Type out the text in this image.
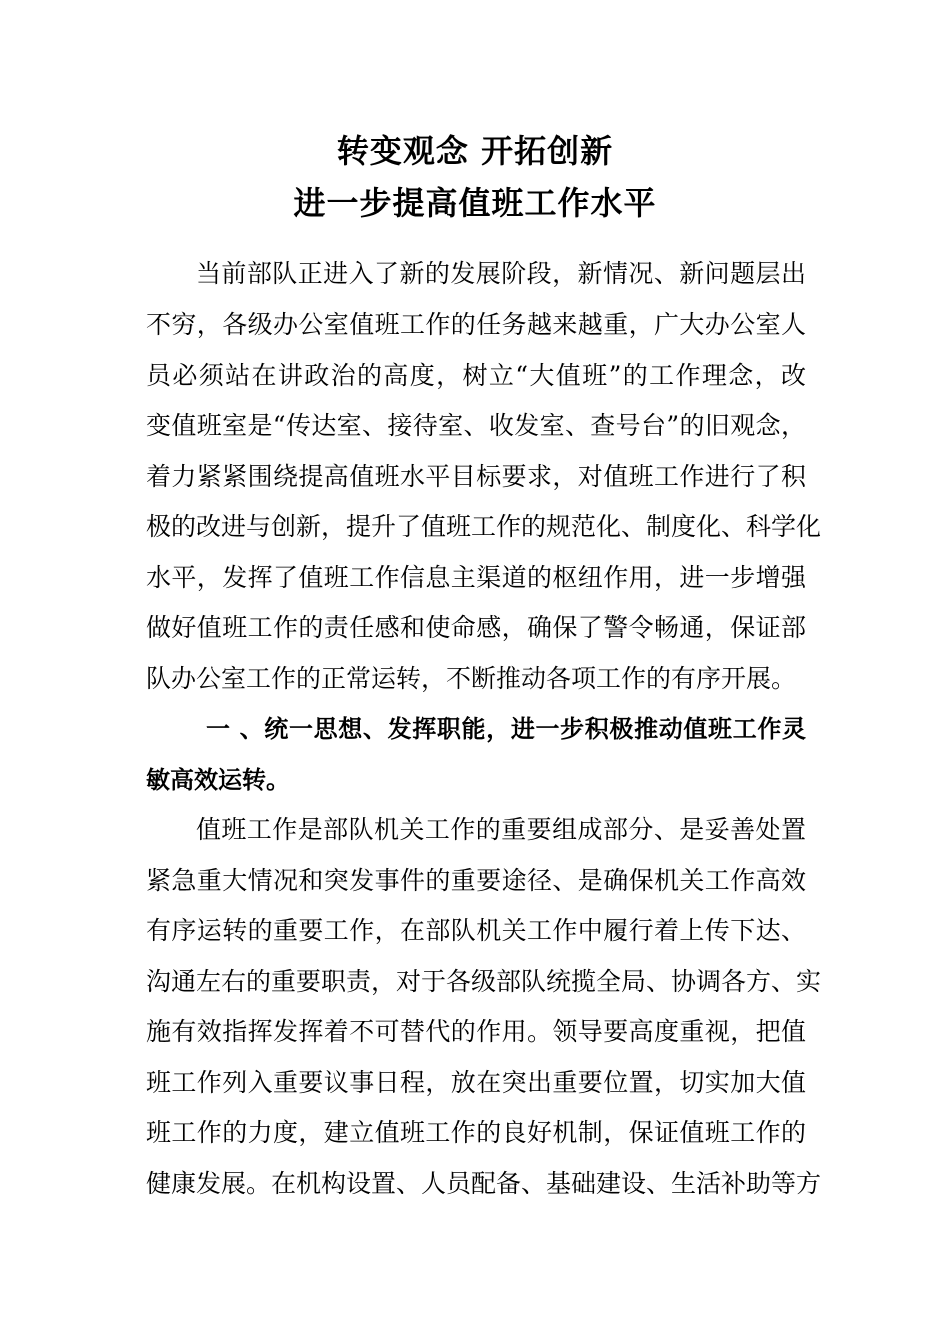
转变观念 开拓创新
进一步提高值班工作水平
当前部队正进入了新的发展阶段，新情况、新问题层出
不穷，各级办公室值班工作的任务越来越重，广大办公室人
员必须站在讲政治的高度，树立“大值班”的工作理念，改
变值班室是“传达室、接待室、收发室、查号台”的旧观念，
着力紧紧围绕提高值班水平目标要求，对值班工作进行了积
极的改进与创新，提升了值班工作的规范化、制度化、科学化
水平，发挥了值班工作信息主渠道的枢纽作用，进一步增强
做好值班工作的责任感和使命感，确保了警令畅通，保证部
队办公室工作的正常运转，不断推动各项工作的有序开展。
一 、统一思想、发挥职能，进一步积极推动值班工作灵
敏高效运转。
值班工作是部队机关工作的重要组成部分、是妥善处置
紧急重大情况和突发事件的重要途径、是确保机关工作高效
有序运转的重要工作，在部队机关工作中履行着上传下达、
沟通左右的重要职责，对于各级部队统揽全局、协调各方、实
施有效指挥发挥着不可替代的作用。领导要高度重视，把值
班工作列入重要议事日程，放在突出重要位置，切实加大值
班工作的力度，建立值班工作的良好机制，保证值班工作的
健康发展。在机构设置、人员配备、基础建设、生活补助等方
